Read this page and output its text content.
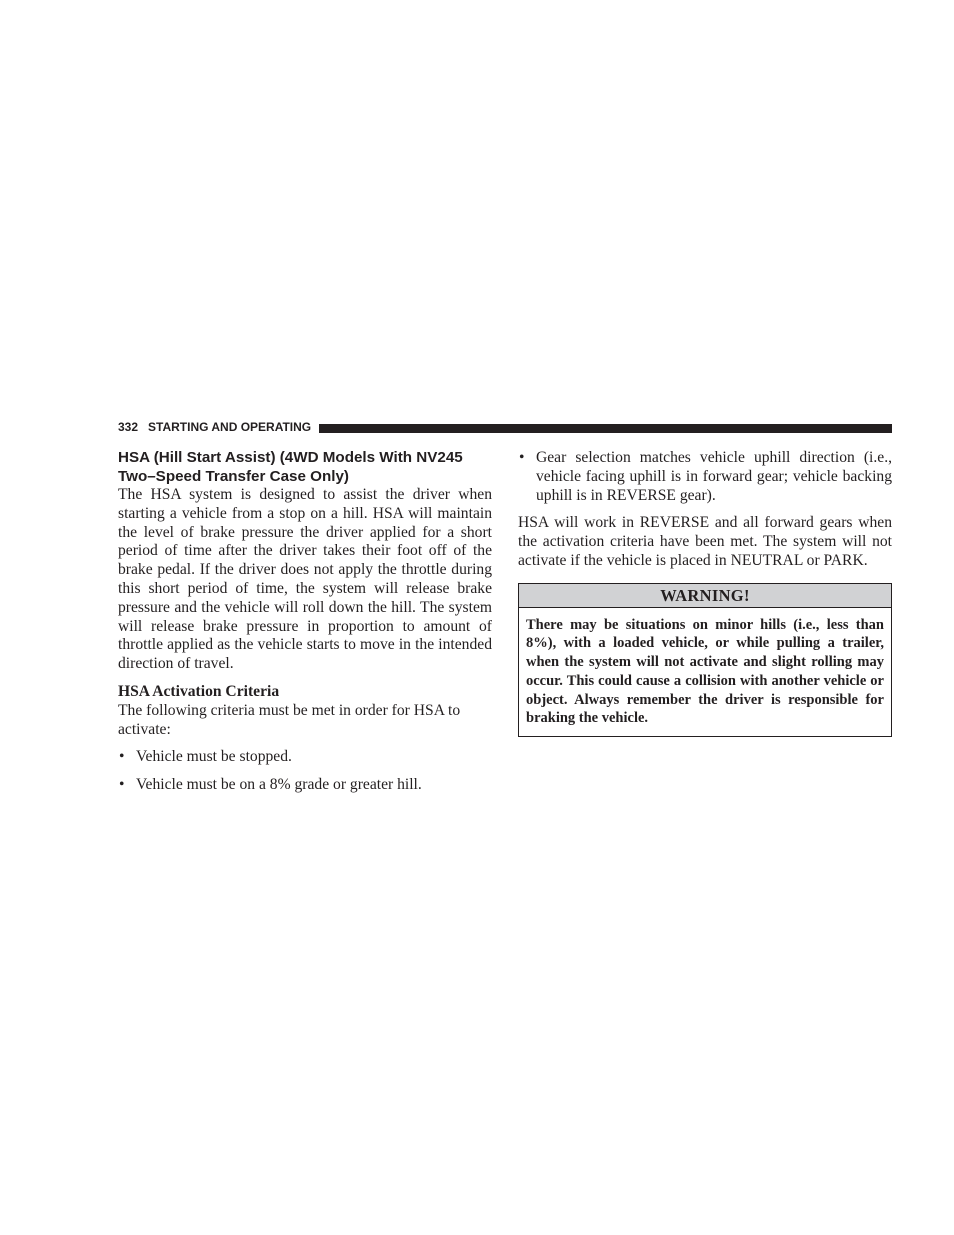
332 STARTING AND OPERATING
HSA (Hill Start Assist) (4WD Models With NV245 Two–Speed Transfer Case Only)

The HSA system is designed to assist the driver when starting a vehicle from a stop on a hill. HSA will maintain the level of brake pressure the driver applied for a short period of time after the driver takes their foot off of the brake pedal. If the driver does not apply the throttle during this short period of time, the system will release brake pressure and the vehicle will roll down the hill. The system will release brake pressure in proportion to amount of throttle applied as the vehicle starts to move in the intended direction of travel.

HSA Activation Criteria

The following criteria must be met in order for HSA to activate:

• Vehicle must be stopped.
• Vehicle must be on a 8% grade or greater hill.
• Gear selection matches vehicle uphill direction (i.e., vehicle facing uphill is in forward gear; vehicle backing uphill is in REVERSE gear).

HSA will work in REVERSE and all forward gears when the activation criteria have been met. The system will not activate if the vehicle is placed in NEUTRAL or PARK.

WARNING!
There may be situations on minor hills (i.e., less than 8%), with a loaded vehicle, or while pulling a trailer, when the system will not activate and slight rolling may occur. This could cause a collision with another vehicle or object. Always remember the driver is responsible for braking the vehicle.
